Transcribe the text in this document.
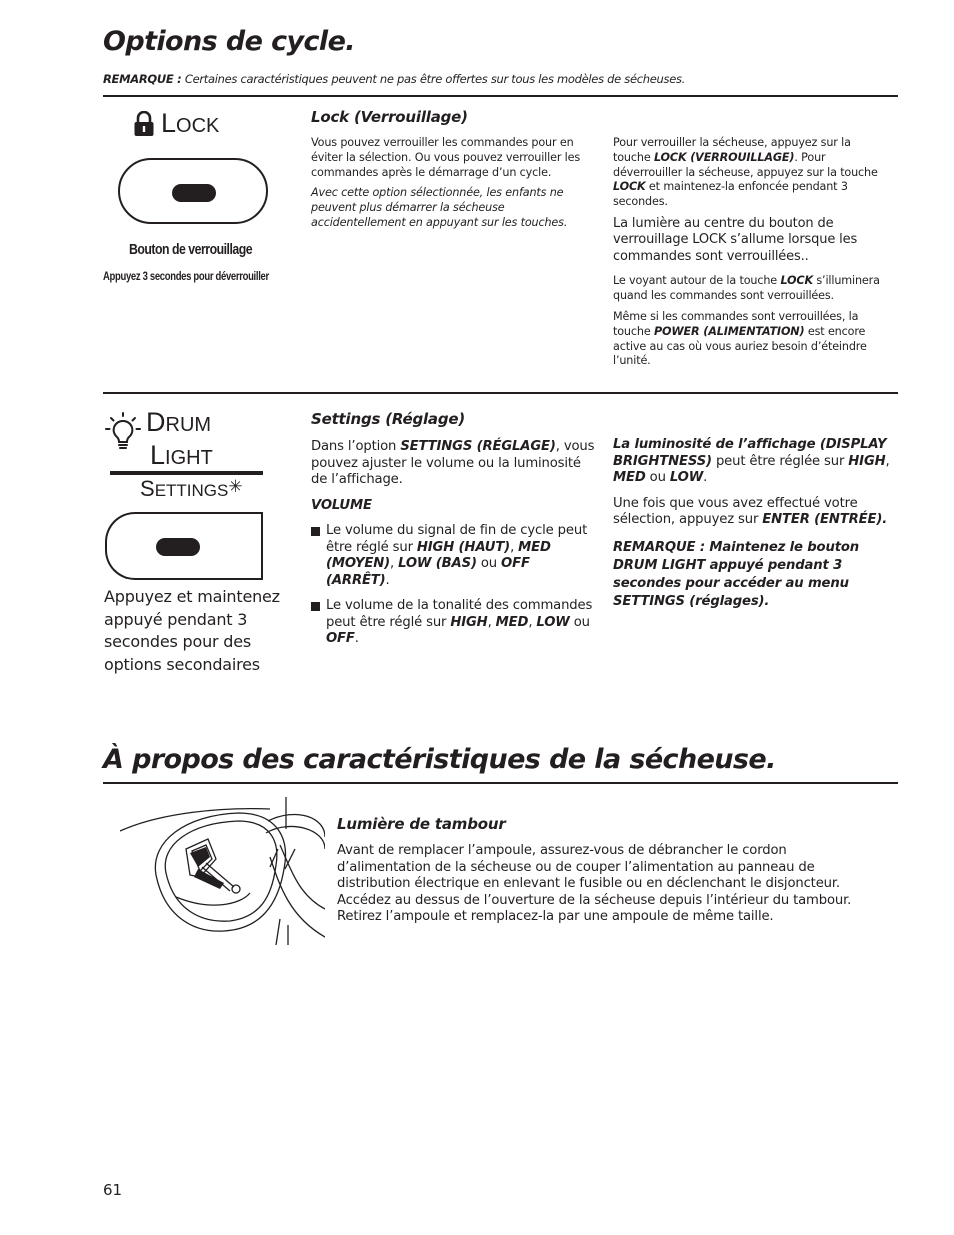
Options de cycle.
REMARQUE : Certaines caractéristiques peuvent ne pas être offertes sur tous les modèles de sécheuses.
LOCK
Bouton de verrouillage
Appuyez 3 secondes pour déverrouiller
Lock (Verrouillage)

Vous pouvez verrouiller les commandes pour en éviter la sélection. Ou vous pouvez verrouiller les commandes après le démarrage d’un cycle.

Avec cette option sélectionnée, les enfants ne peuvent plus démarrer la sécheuse accidentellement en appuyant sur les touches.

Pour verrouiller la sécheuse, appuyez sur la touche LOCK (VERROUILLAGE). Pour déverrouiller la sécheuse, appuyez sur la touche LOCK et maintenez-la enfoncée pendant 3 secondes.

La lumière au centre du bouton de verrouillage LOCK s’allume lorsque les commandes sont verrouillées..

Le voyant autour de la touche LOCK s’illuminera quand les commandes sont verrouillées.

Même si les commandes sont verrouillées, la touche POWER (ALIMENTATION) est encore active au cas où vous auriez besoin d’éteindre l’unité.

DRUM
LIGHT
SETTINGS✳
Appuyez et maintenez appuyé pendant 3 secondes pour des options secondaires
Settings (Réglage)

Dans l’option SETTINGS (RÉGLAGE), vous pouvez ajuster le volume ou la luminosité de l’affichage.

VOLUME

Le volume du signal de fin de cycle peut être réglé sur HIGH (HAUT), MED (MOYEN), LOW (BAS) ou OFF (ARRÊT).
Le volume de la tonalité des commandes peut être réglé sur HIGH, MED, LOW ou OFF.

La luminosité de l’affichage (DISPLAY BRIGHTNESS) peut être réglée sur HIGH, MED ou LOW.

Une fois que vous avez effectué votre sélection, appuyez sur ENTER (ENTRÉE).

REMARQUE : Maintenez le bouton DRUM LIGHT appuyé pendant 3 secondes pour accéder au menu SETTINGS (réglages).

À propos des caractéristiques de la sécheuse.
Lumière de tambour
Avant de remplacer l’ampoule, assurez-vous de débrancher le cordon d’alimentation de la sécheuse ou de couper l’alimentation au panneau de distribution électrique en enlevant le fusible ou en déclenchant le disjoncteur. Accédez au dessus de l’ouverture de la sécheuse depuis l’intérieur du tambour. Retirez l’ampoule et remplacez-la par une ampoule de même taille.
61
